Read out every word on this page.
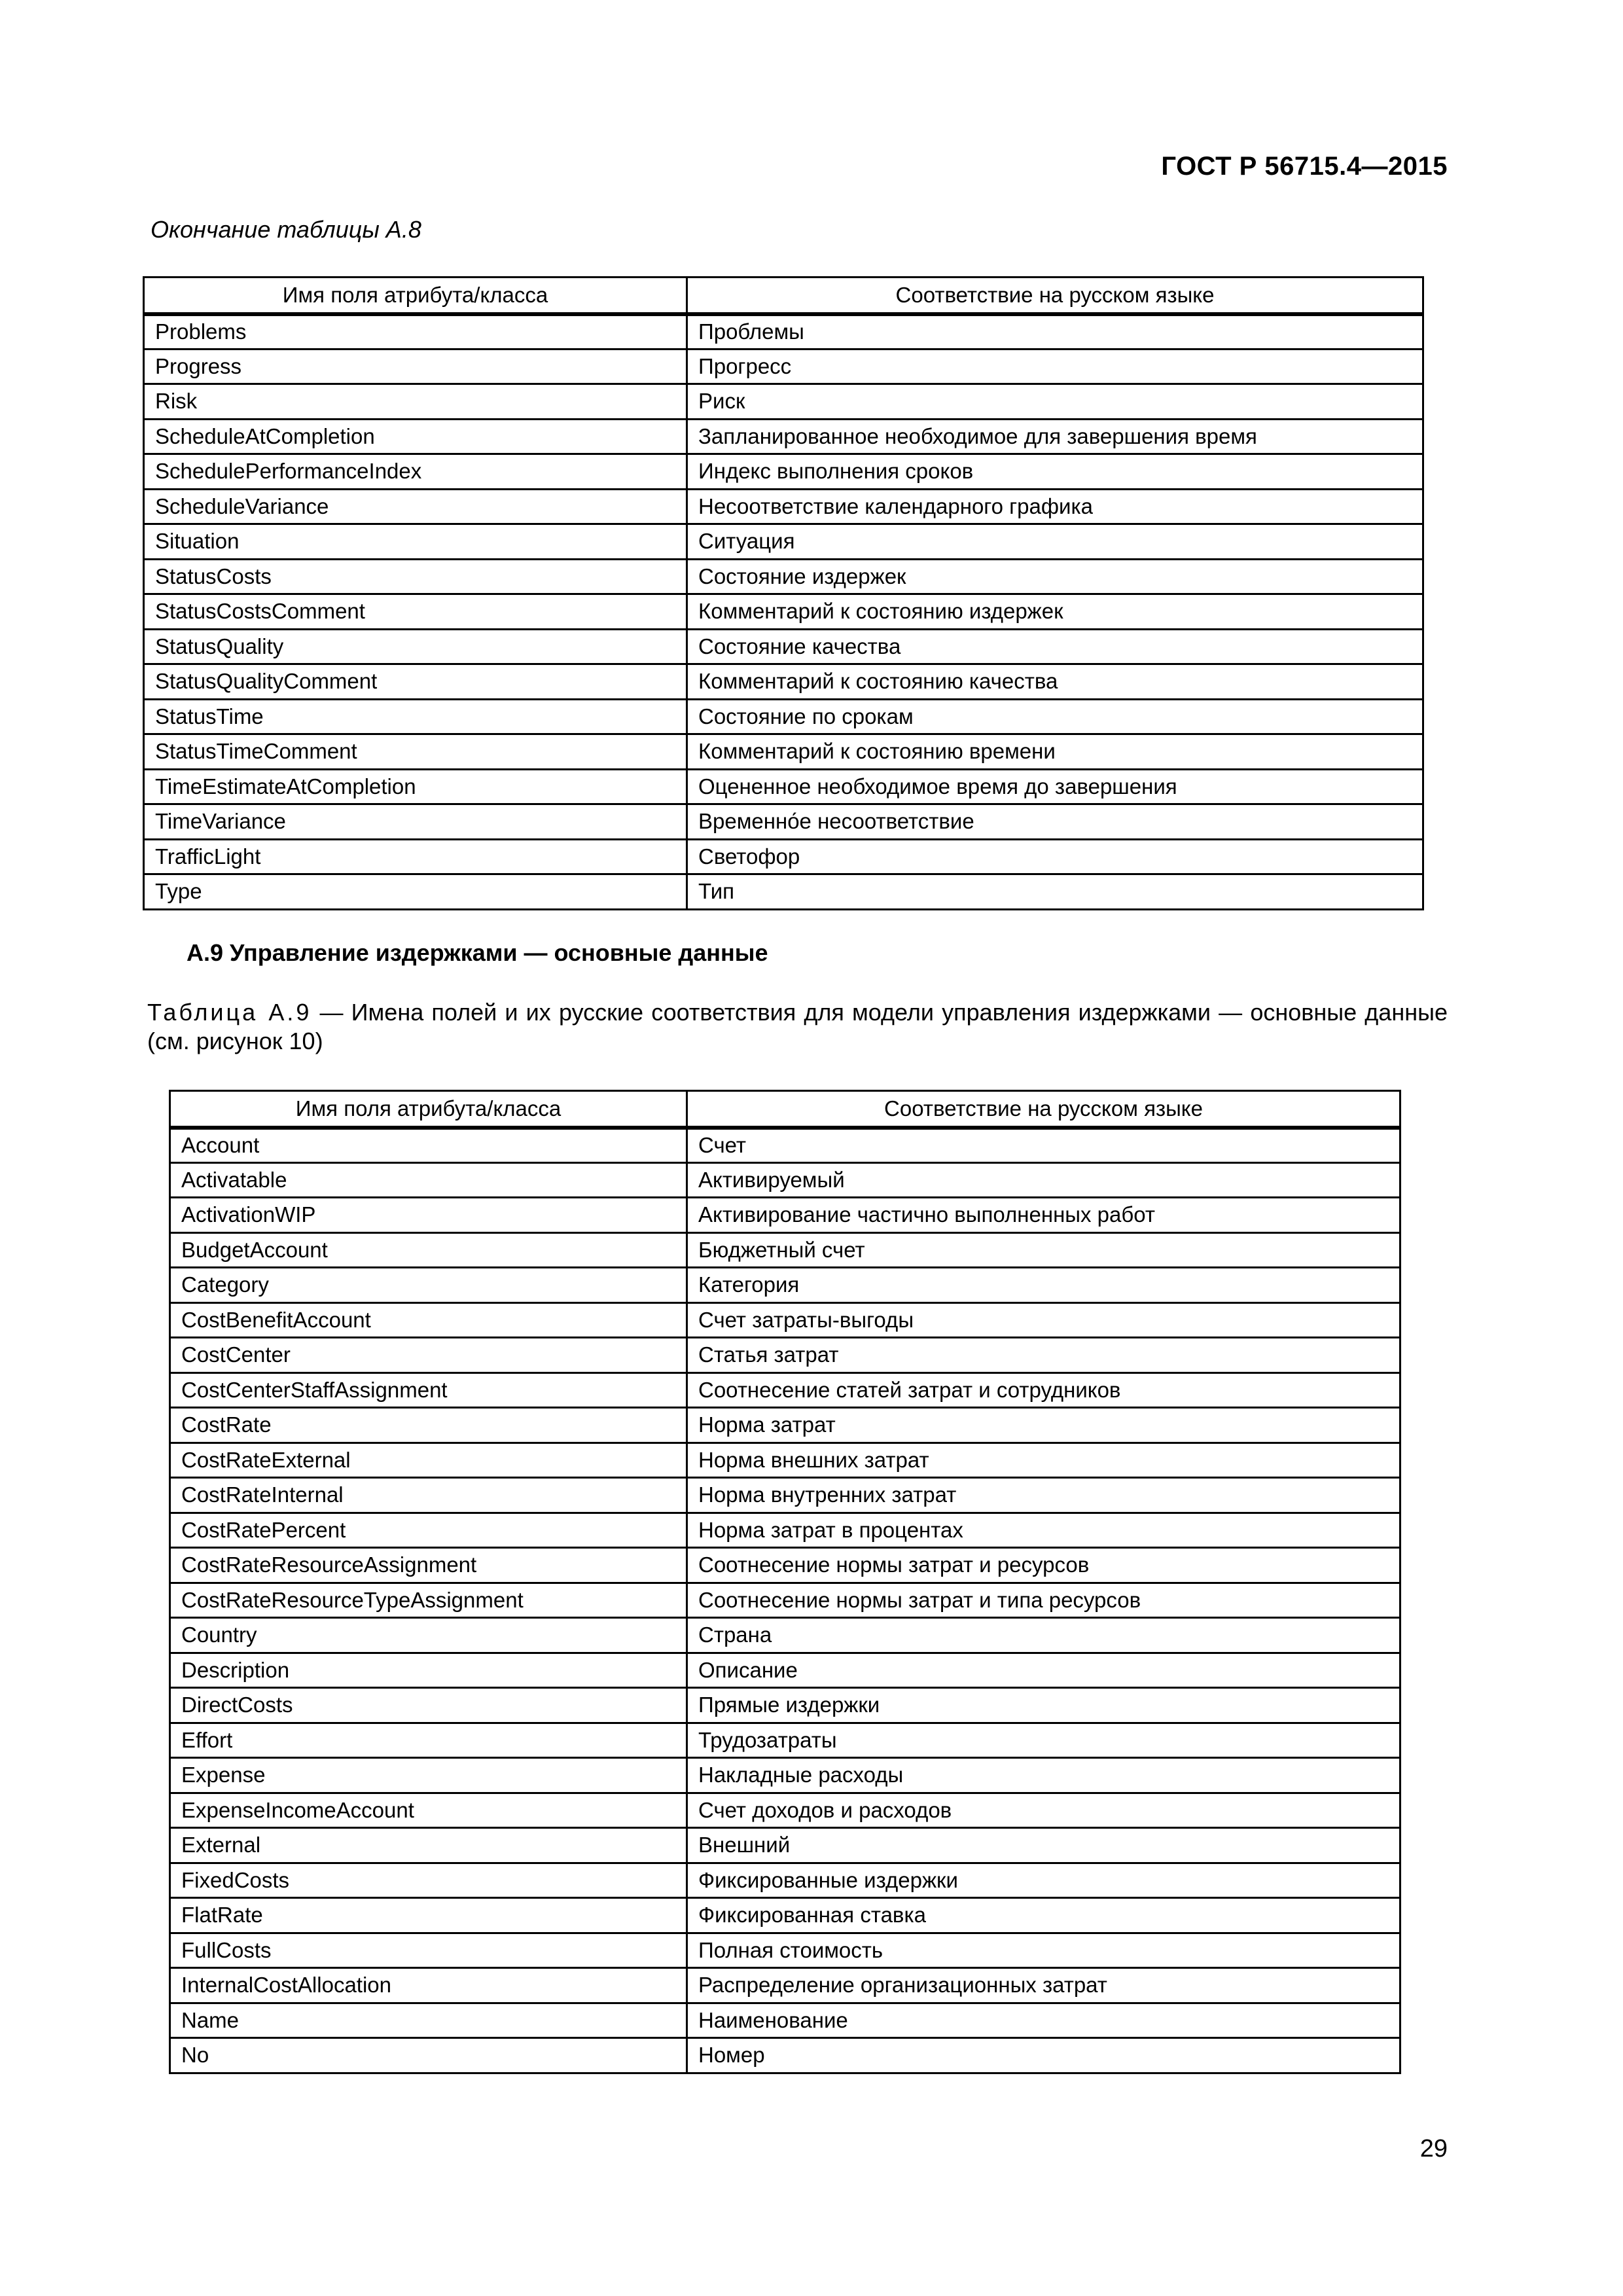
ГОСТ Р 56715.4—2015
Окончание таблицы А.8
Имя поля атрибута/класса	Соответствие на русском языке
Problems	Проблемы
Progress	Прогресс
Risk	Риск
ScheduleAtCompletion	Запланированное необходимое для завершения время
SchedulePerformanceIndex	Индекс выполнения сроков
ScheduleVariance	Несоответствие календарного графика
Situation	Ситуация
StatusCosts	Состояние издержек
StatusCostsComment	Комментарий к состоянию издержек
StatusQuality	Состояние качества
StatusQualityComment	Комментарий к состоянию качества
StatusTime	Состояние по срокам
StatusTimeComment	Комментарий к состоянию времени
TimeEstimateAtCompletion	Оцененное необходимое время до завершения
TimeVariance	Временно́е несоответствие
TrafficLight	Светофор
Type	Тип
А.9 Управление издержками — основные данные
Таблица А.9 — Имена полей и их русские соответствия для модели управления издержками — основные данные (см. рисунок 10)
Имя поля атрибута/класса	Соответствие на русском языке
Account	Счет
Activatable	Активируемый
ActivationWIP	Активирование частично выполненных работ
BudgetAccount	Бюджетный счет
Category	Категория
CostBenefitAccount	Счет затраты-выгоды
CostCenter	Статья затрат
CostCenterStaffAssignment	Соотнесение статей затрат и сотрудников
CostRate	Норма затрат
CostRateExternal	Норма внешних затрат
CostRateInternal	Норма внутренних затрат
CostRatePercent	Норма затрат в процентах
CostRateResourceAssignment	Соотнесение нормы затрат и ресурсов
CostRateResourceTypeAssignment	Соотнесение нормы затрат и типа ресурсов
Country	Страна
Description	Описание
DirectCosts	Прямые издержки
Effort	Трудозатраты
Expense	Накладные расходы
ExpenseIncomeAccount	Счет доходов и расходов
External	Внешний
FixedCosts	Фиксированные издержки
FlatRate	Фиксированная ставка
FullCosts	Полная стоимость
InternalCostAllocation	Распределение организационных затрат
Name	Наименование
No	Номер
29
